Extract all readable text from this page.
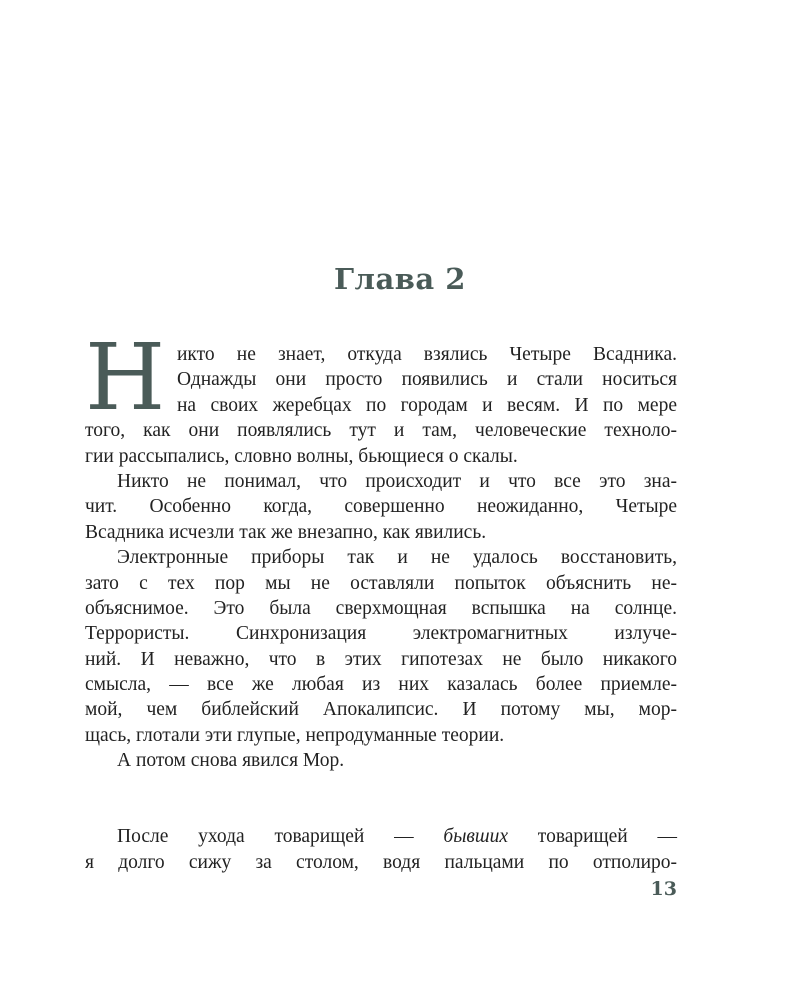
Глава 2
Н икто не знает, откуда взялись Четыре Всадника.
Однажды они просто появились и стали носиться
на своих жеребцах по городам и весям. И по мере
того, как они появлялись тут и там, человеческие техноло-
гии рассыпались, словно волны, бьющиеся о скалы.
Никто не понимал, что происходит и что все это зна-
чит. Особенно когда, совершенно неожиданно, Четыре
Всадника исчезли так же внезапно, как явились.
Электронные приборы так и не удалось восстановить,
зато с тех пор мы не оставляли попыток объяснить не-
объяснимое. Это была сверхмощная вспышка на солнце.
Террористы. Синхронизация электромагнитных излуче-
ний. И неважно, что в этих гипотезах не было никакого
смысла, — все же любая из них казалась более приемле-
мой, чем библейский Апокалипсис. И потому мы, мор-
щась, глотали эти глупые, непродуманные теории.
А потом снова явился Мор.
После ухода товарищей — бывших товарищей —
я долго сижу за столом, водя пальцами по отполиро-
13
